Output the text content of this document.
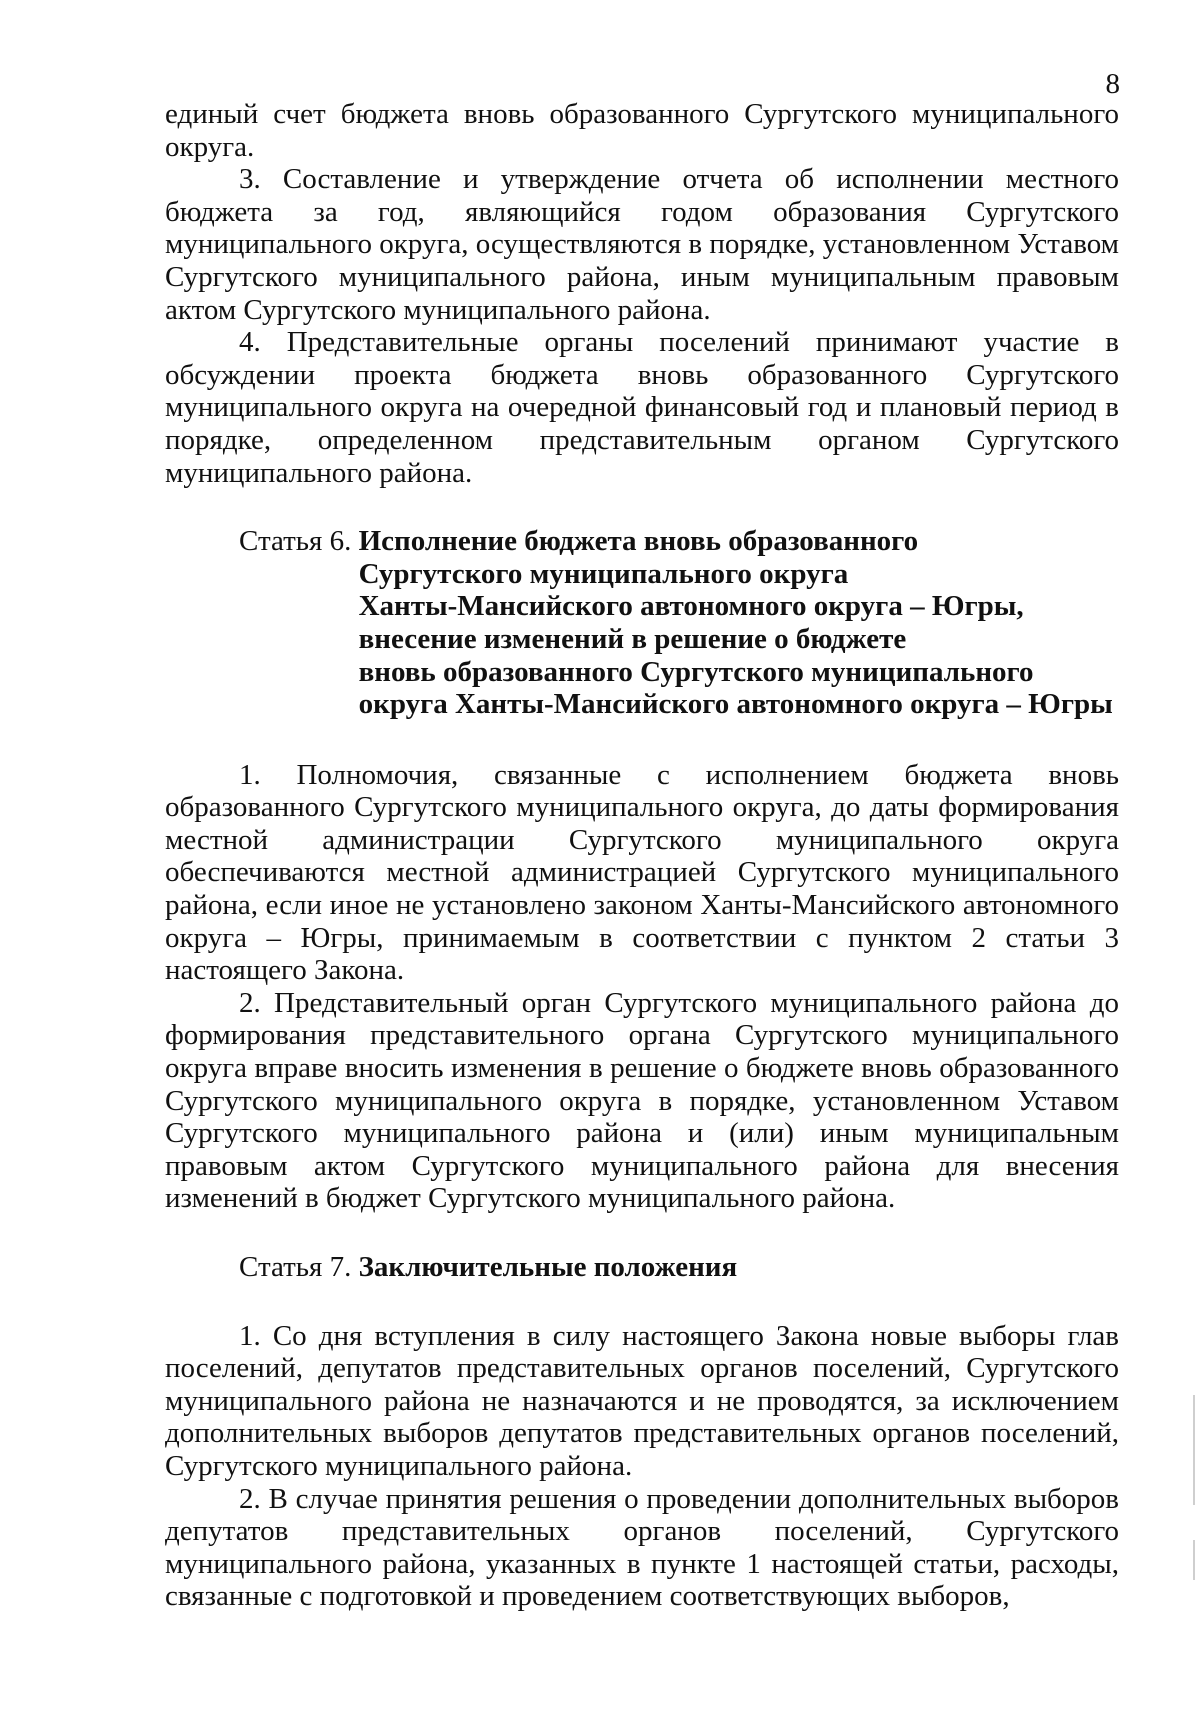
8

единый счет бюджета вновь образованного Сургутского муниципального округа.

3. Составление и утверждение отчета об исполнении местного бюджета за год, являющийся годом образования Сургутского муниципального округа, осуществляются в порядке, установленном Уставом Сургутского муниципального района, иным муниципальным правовым актом Сургутского муниципального района.

4. Представительные органы поселений принимают участие в обсуждении проекта бюджета вновь образованного Сургутского муниципального округа на очередной финансовый год и плановый период в порядке, определенном представительным органом Сургутского муниципального района.

Статья 6. Исполнение бюджета вновь образованного
Сургутского муниципального округа
Ханты-Мансийского автономного округа – Югры,
внесение изменений в решение о бюджете
вновь образованного Сургутского муниципального
округа Ханты-Мансийского автономного округа – Югры

1. Полномочия, связанные с исполнением бюджета вновь образованного Сургутского муниципального округа, до даты формирования местной администрации Сургутского муниципального округа обеспечиваются местной администрацией Сургутского муниципального района, если иное не установлено законом Ханты-Мансийского автономного округа – Югры, принимаемым в соответствии с пунктом 2 статьи 3 настоящего Закона.

2. Представительный орган Сургутского муниципального района до формирования представительного органа Сургутского муниципального округа вправе вносить изменения в решение о бюджете вновь образованного Сургутского муниципального округа в порядке, установленном Уставом Сургутского муниципального района и (или) иным муниципальным правовым актом Сургутского муниципального района для внесения изменений в бюджет Сургутского муниципального района.

Статья 7. Заключительные положения

1. Со дня вступления в силу настоящего Закона новые выборы глав поселений, депутатов представительных органов поселений, Сургутского муниципального района не назначаются и не проводятся, за исключением дополнительных выборов депутатов представительных органов поселений, Сургутского муниципального района.

2. В случае принятия решения о проведении дополнительных выборов депутатов представительных органов поселений, Сургутского муниципального района, указанных в пункте 1 настоящей статьи, расходы, связанные с подготовкой и проведением соответствующих выборов,
